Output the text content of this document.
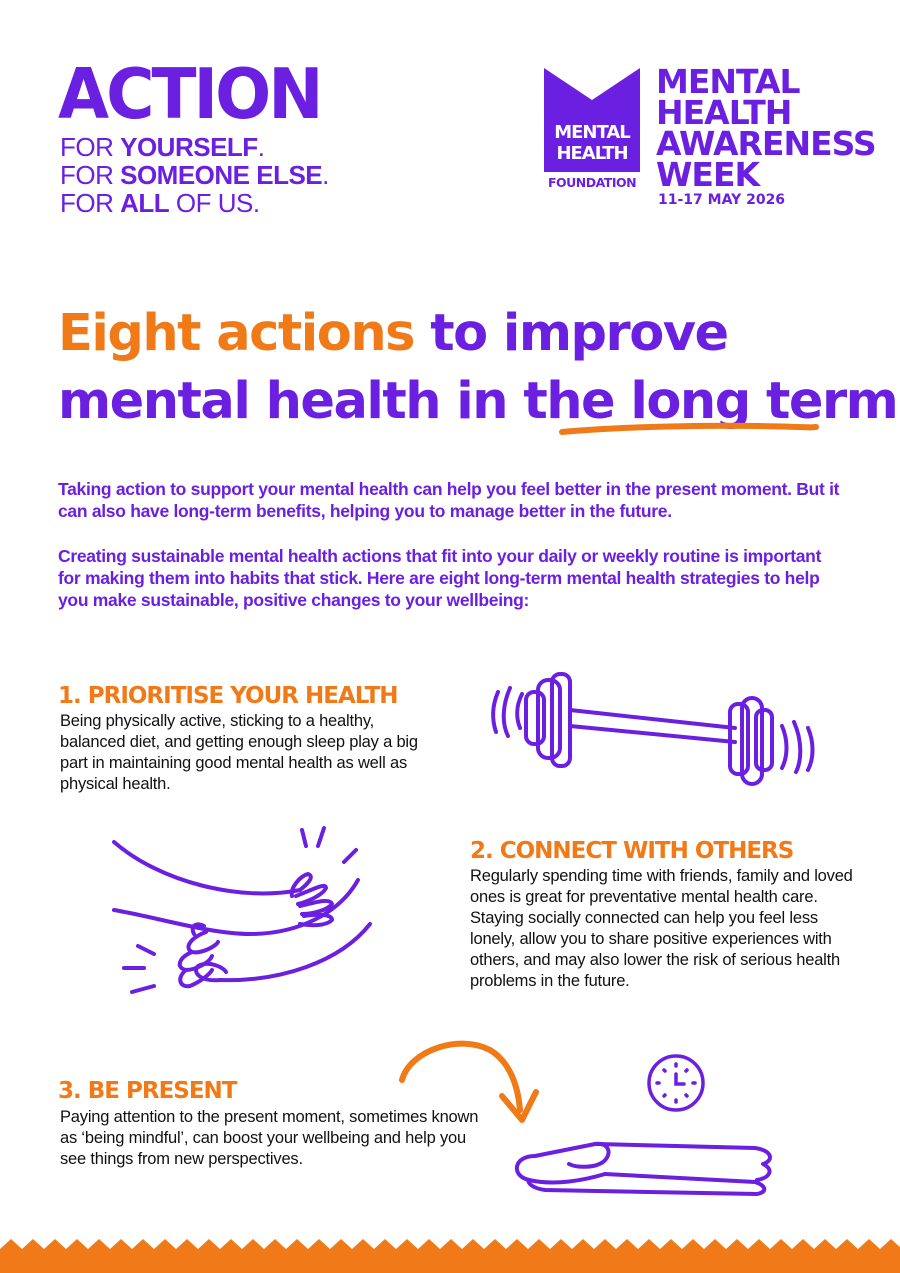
ACTION
FOR YOURSELF.
FOR SOMEONE ELSE.
FOR ALL OF US.
MENTAL
HEALTH
FOUNDATION
MENTAL
HEALTH
AWARENESS
WEEK
11-17 MAY 2026
Eight actions to improve
mental health in the long term
Taking action to support your mental health can help you feel better in the present moment. But it can also have long-term benefits, helping you to manage better in the future.
Creating sustainable mental health actions that fit into your daily or weekly routine is important for making them into habits that stick. Here are eight long-term mental health strategies to help you make sustainable, positive changes to your wellbeing:
1. PRIORITISE YOUR HEALTH
Being physically active, sticking to a healthy, balanced diet, and getting enough sleep play a big part in maintaining good mental health as well as physical health.
2. CONNECT WITH OTHERS
Regularly spending time with friends, family and loved ones is great for preventative mental health care. Staying socially connected can help you feel less lonely, allow you to share positive experiences with others, and may also lower the risk of serious health problems in the future.
3. BE PRESENT
Paying attention to the present moment, sometimes known as ‘being mindful’, can boost your wellbeing and help you see things from new perspectives.
